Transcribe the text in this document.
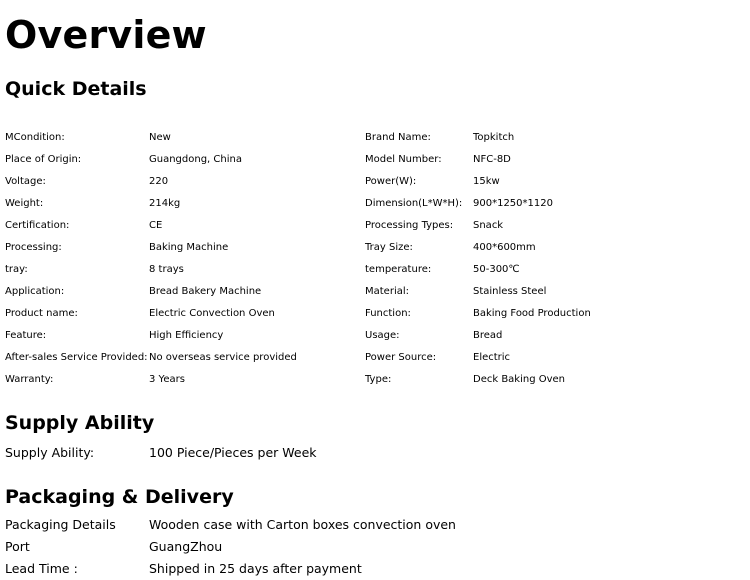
Overview
Quick Details
MCondition:	New	Brand Name:	Topkitch
Place of Origin:	Guangdong, China	Model Number:	NFC-8D
Voltage:	220	Power(W):	15kw
Weight:	214kg	Dimension(L*W*H): 900*1250*1120
Certification:	CE	Processing Types: Snack
Processing:	Baking Machine	Tray Size:	400*600mm
tray:	8 trays	temperature:	50-300℃
Application:	Bread Bakery Machine	Material:	Stainless Steel
Product name:	Electric Convection Oven	Function:	Baking Food Production
Feature:	High Efficiency	Usage:	Bread
After-sales Service Provided: No overseas service provided	Power Source:	Electric
Warranty:	3 Years	Type:	Deck Baking Oven
Supply Ability
Supply Ability:	100 Piece/Pieces per Week
Packaging & Delivery
Packaging Details	Wooden case with Carton boxes convection oven
Port	GuangZhou
Lead Time :	Shipped in 25 days after payment
